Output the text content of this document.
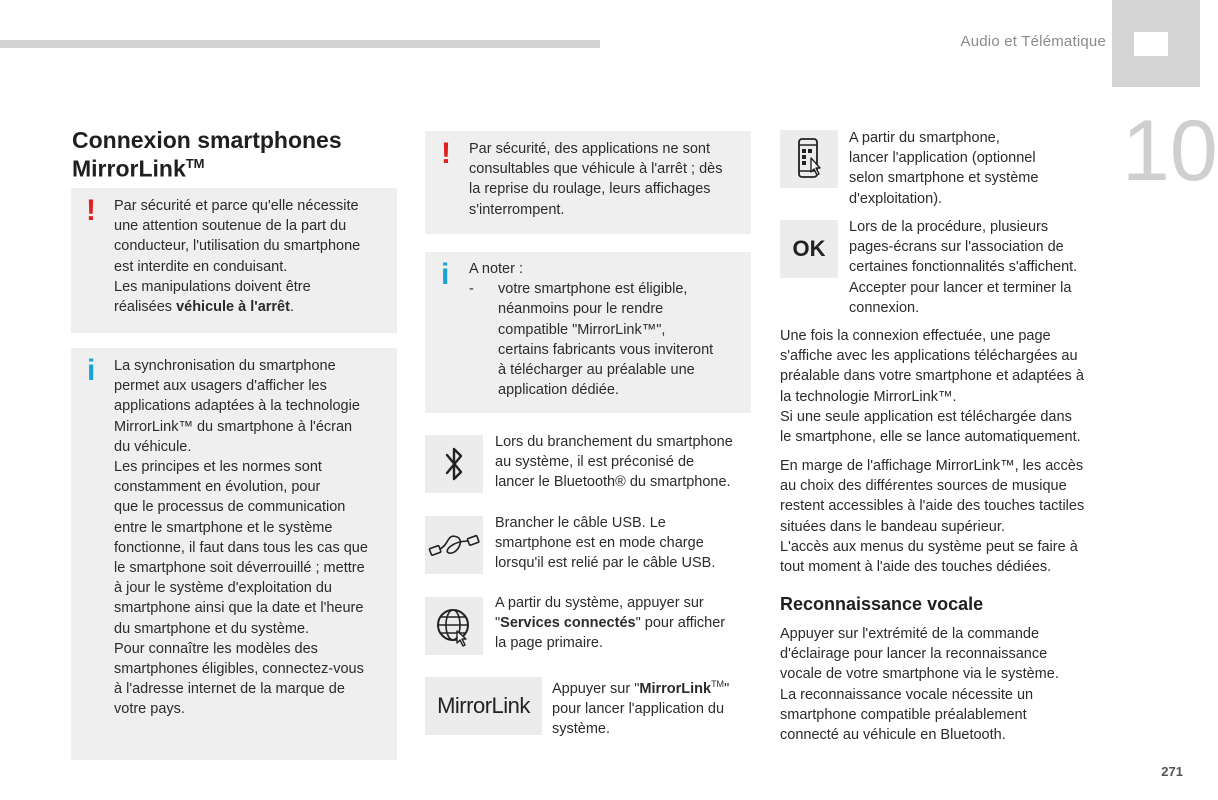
Audio et Télématique
10
Connexion smartphones
MirrorLink™
! Par sécurité et parce qu'elle nécessite
une attention soutenue de la part du
conducteur, l'utilisation du smartphone
est interdite en conduisant.
Les manipulations doivent être
réalisées véhicule à l'arrêt.
i La synchronisation du smartphone
permet aux usagers d'afficher les
applications adaptées à la technologie
MirrorLink™ du smartphone à l'écran
du véhicule.
Les principes et les normes sont
constamment en évolution, pour
que le processus de communication
entre le smartphone et le système
fonctionne, il faut dans tous les cas que
le smartphone soit déverrouillé ; mettre
à jour le système d'exploitation du
smartphone ainsi que la date et l'heure
du smartphone et du système.
Pour connaître les modèles des
smartphones éligibles, connectez-vous
à l'adresse internet de la marque de
votre pays.
! Par sécurité, des applications ne sont
consultables que véhicule à l'arrêt ; dès
la reprise du roulage, leurs affichages
s'interrompent.
i A noter :
-	votre smartphone est éligible,
néanmoins pour le rendre
compatible "MirrorLink™",
certains fabricants vous inviteront
à télécharger au préalable une
application dédiée.
Lors du branchement du smartphone
au système, il est préconisé de
lancer le Bluetooth® du smartphone.
Brancher le câble USB. Le
smartphone est en mode charge
lorsqu'il est relié par le câble USB.
A partir du système, appuyer sur
"Services connectés" pour afficher
la page primaire.
MirrorLink
Appuyer sur "MirrorLink™"
pour lancer l'application du
système.
A partir du smartphone,
lancer l'application (optionnel
selon smartphone et système
d'exploitation).
OK
Lors de la procédure, plusieurs
pages-écrans sur l'association de
certaines fonctionnalités s'affichent.
Accepter pour lancer et terminer la
connexion.
Une fois la connexion effectuée, une page
s'affiche avec les applications téléchargées au
préalable dans votre smartphone et adaptées à
la technologie MirrorLink™.
Si une seule application est téléchargée dans
le smartphone, elle se lance automatiquement.
En marge de l'affichage MirrorLink™, les accès
au choix des différentes sources de musique
restent accessibles à l'aide des touches tactiles
situées dans le bandeau supérieur.
L'accès aux menus du système peut se faire à
tout moment à l'aide des touches dédiées.
Reconnaissance vocale
Appuyer sur l'extrémité de la commande
d'éclairage pour lancer la reconnaissance
vocale de votre smartphone via le système.
La reconnaissance vocale nécessite un
smartphone compatible préalablement
connecté au véhicule en Bluetooth.
271
